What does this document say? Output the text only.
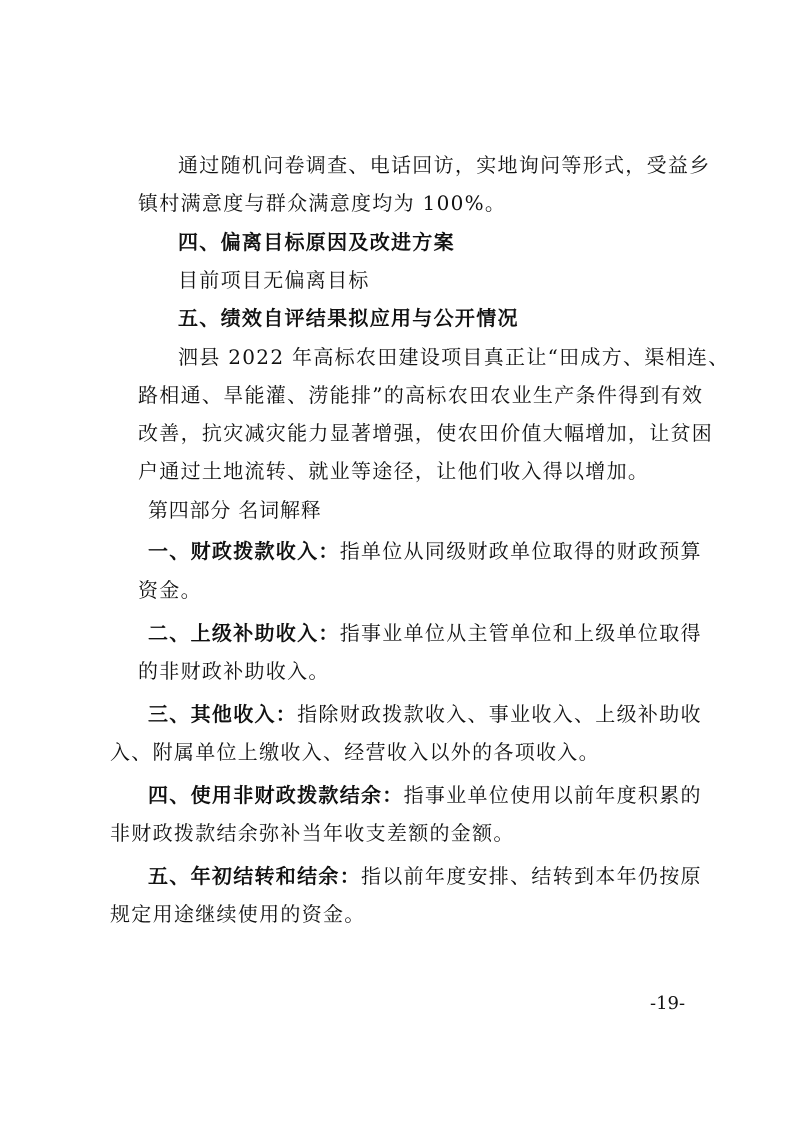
通过随机问卷调查、电话回访，实地询问等形式，受益乡
镇村满意度与群众满意度均为 100%。
四、偏离目标原因及改进方案
目前项目无偏离目标
五、绩效自评结果拟应用与公开情况
泗县 2022 年高标农田建设项目真正让“田成方、渠相连、
路相通、旱能灌、涝能排”的高标农田农业生产条件得到有效
改善，抗灾减灾能力显著增强，使农田价值大幅增加，让贫困
户通过土地流转、就业等途径，让他们收入得以增加。
第四部分 名词解释
一、财政拨款收入：指单位从同级财政单位取得的财政预算
资金。
二、上级补助收入：指事业单位从主管单位和上级单位取得
的非财政补助收入。
三、其他收入：指除财政拨款收入、事业收入、上级补助收
入、附属单位上缴收入、经营收入以外的各项收入。
四、使用非财政拨款结余：指事业单位使用以前年度积累的
非财政拨款结余弥补当年收支差额的金额。
五、年初结转和结余：指以前年度安排、结转到本年仍按原
规定用途继续使用的资金。
-19-
